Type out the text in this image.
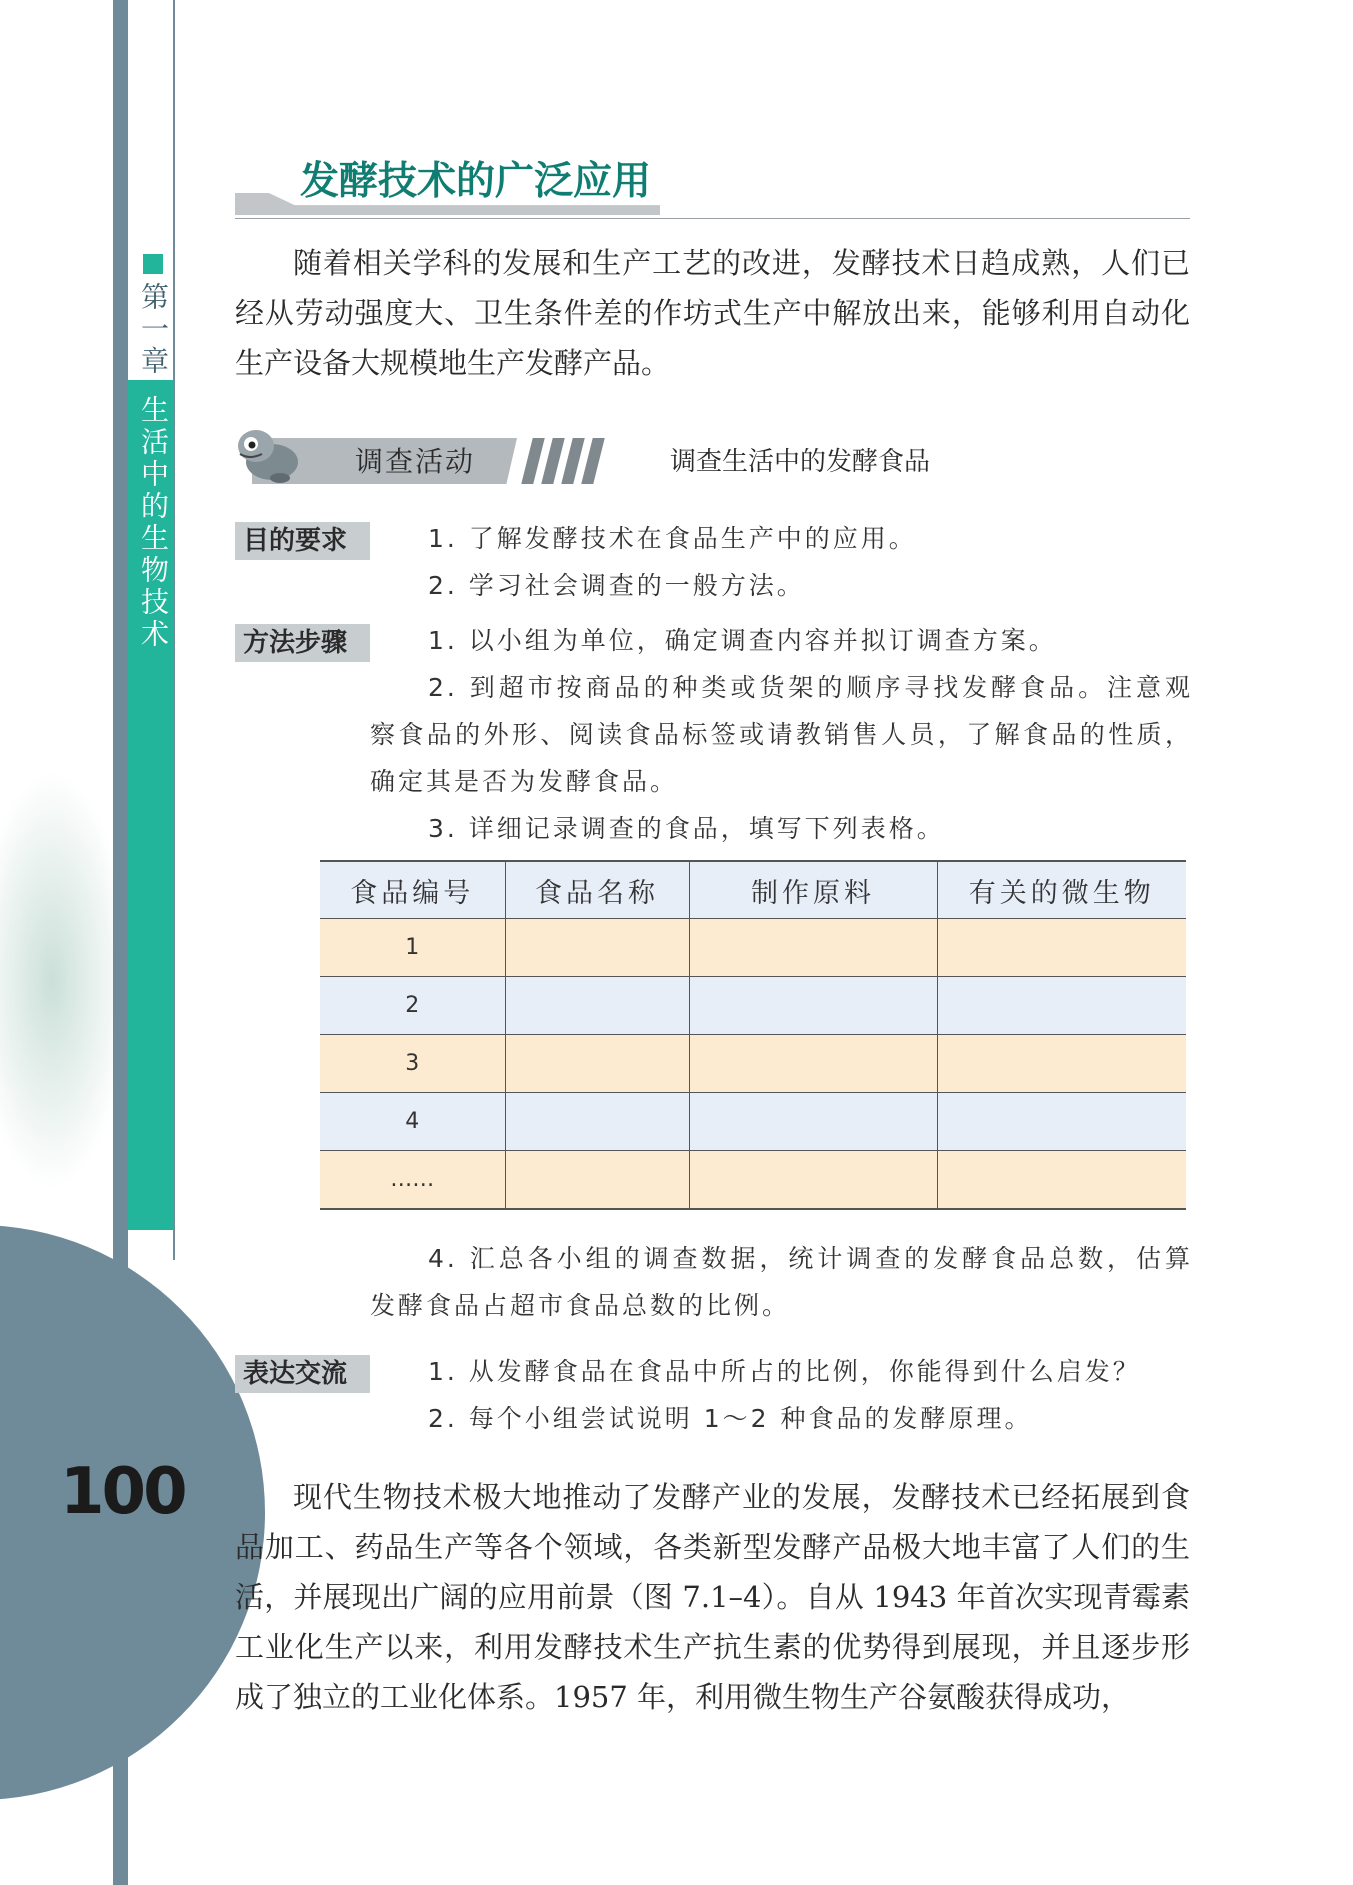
第一章
生活中的生物技术
100
发酵技术的广泛应用
随着相关学科的发展和生产工艺的改进，发酵技术日趋成熟，人们已经从劳动强度大、卫生条件差的作坊式生产中解放出来，能够利用自动化生产设备大规模地生产发酵产品。
调查活动	调查生活中的发酵食品
目的要求	1. 了解发酵技术在食品生产中的应用。
2. 学习社会调查的一般方法。
方法步骤	1. 以小组为单位，确定调查内容并拟订调查方案。
2. 到超市按商品的种类或货架的顺序寻找发酵食品。注意观察食品的外形、阅读食品标签或请教销售人员，了解食品的性质，确定其是否为发酵食品。
3. 详细记录调查的食品，填写下列表格。
食品编号	食品名称	制作原料	有关的微生物
1			
2			
3			
4			
……			
4. 汇总各小组的调查数据，统计调查的发酵食品总数，估算发酵食品占超市食品总数的比例。
表达交流	1. 从发酵食品在食品中所占的比例，你能得到什么启发？
2. 每个小组尝试说明 1～2 种食品的发酵原理。
现代生物技术极大地推动了发酵产业的发展，发酵技术已经拓展到食品加工、药品生产等各个领域，各类新型发酵产品极大地丰富了人们的生活，并展现出广阔的应用前景（图 7.1–4）。自从 1943 年首次实现青霉素工业化生产以来，利用发酵技术生产抗生素的优势得到展现，并且逐步形成了独立的工业化体系。1957 年，利用微生物生产谷氨酸获得成功，
